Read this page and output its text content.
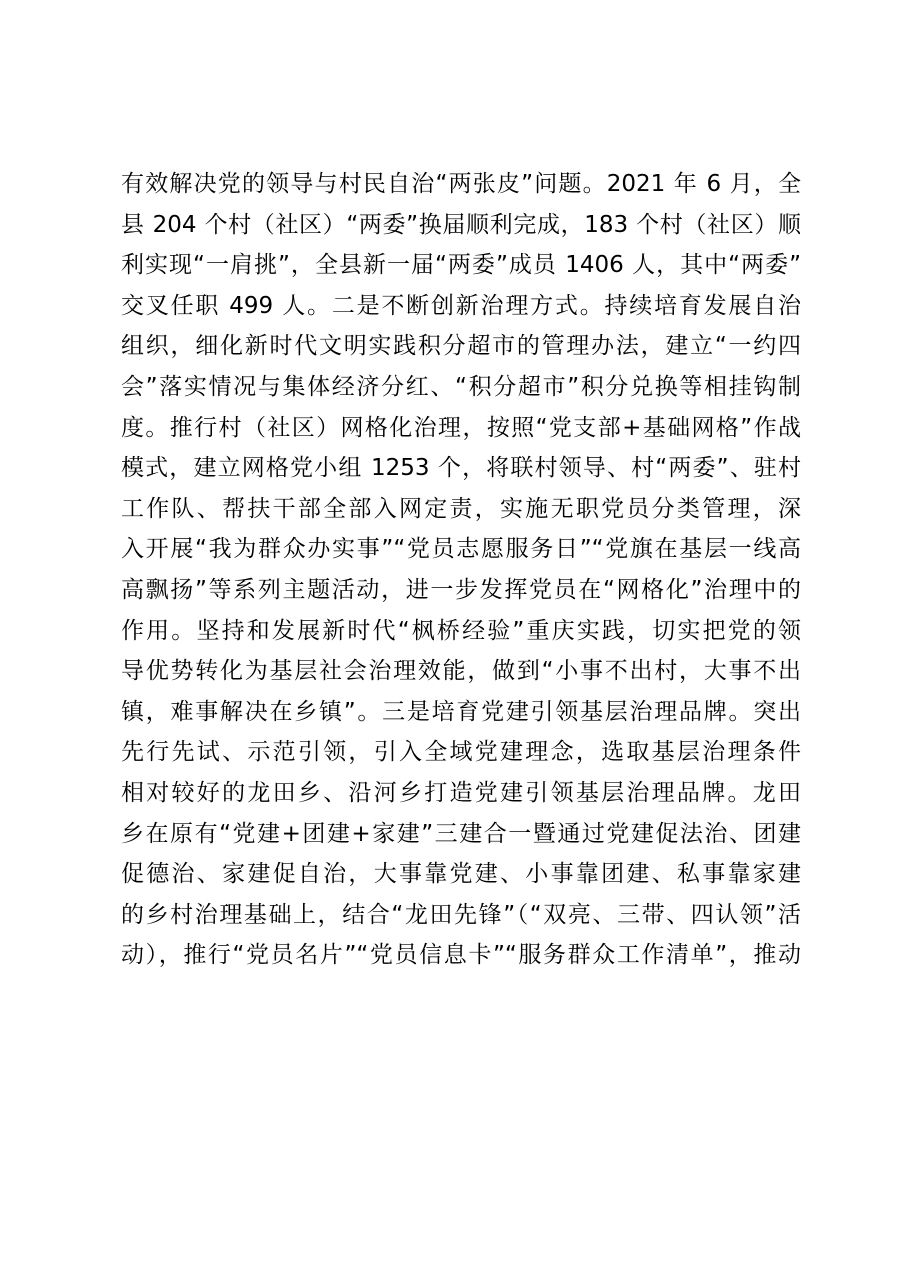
有效解决党的领导与村民自治“两张皮”问题。2021 年 6 月，全
县 204 个村（社区）“两委”换届顺利完成，183 个村（社区）顺
利实现“一肩挑”，全县新一届“两委”成员 1406 人，其中“两委”
交叉任职 499 人。二是不断创新治理方式。持续培育发展自治
组织，细化新时代文明实践积分超市的管理办法，建立“一约四
会”落实情况与集体经济分红、“积分超市”积分兑换等相挂钩制
度。推行村（社区）网格化治理，按照“党支部+基础网格”作战
模式，建立网格党小组 1253 个，将联村领导、村“两委”、驻村
工作队、帮扶干部全部入网定责，实施无职党员分类管理，深
入开展“我为群众办实事”“党员志愿服务日”“党旗在基层一线高
高飘扬”等系列主题活动，进一步发挥党员在“网格化”治理中的
作用。坚持和发展新时代“枫桥经验”重庆实践，切实把党的领
导优势转化为基层社会治理效能，做到“小事不出村，大事不出
镇，难事解决在乡镇”。三是培育党建引领基层治理品牌。突出
先行先试、示范引领，引入全域党建理念，选取基层治理条件
相对较好的龙田乡、沿河乡打造党建引领基层治理品牌。龙田
乡在原有“党建+团建+家建”三建合一暨通过党建促法治、团建
促德治、家建促自治，大事靠党建、小事靠团建、私事靠家建
的乡村治理基础上，结合“龙田先锋”（“双亮、三带、四认领”活
动），推行“党员名片”“党员信息卡”“服务群众工作清单”，推动
